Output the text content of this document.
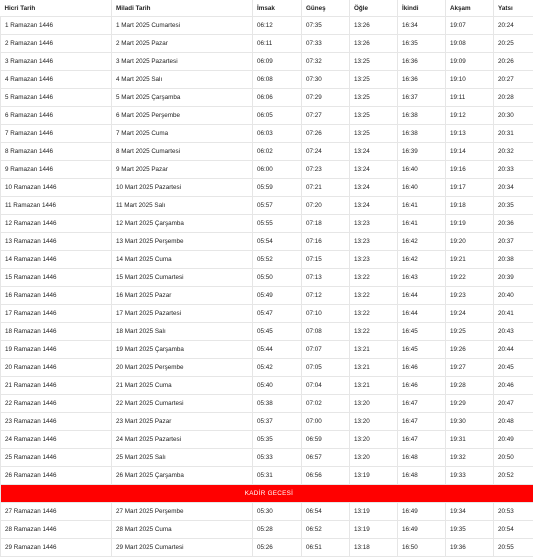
Hicri Tarih	Miladi Tarih	İmsak	Güneş	Öğle	İkindi	Akşam	Yatsı
1 Ramazan 1446	1 Mart 2025 Cumartesi	06:12	07:35	13:26	16:34	19:07	20:24
2 Ramazan 1446	2 Mart 2025 Pazar	06:11	07:33	13:26	16:35	19:08	20:25
3 Ramazan 1446	3 Mart 2025 Pazartesi	06:09	07:32	13:25	16:36	19:09	20:26
4 Ramazan 1446	4 Mart 2025 Salı	06:08	07:30	13:25	16:36	19:10	20:27
5 Ramazan 1446	5 Mart 2025 Çarşamba	06:06	07:29	13:25	16:37	19:11	20:28
6 Ramazan 1446	6 Mart 2025 Perşembe	06:05	07:27	13:25	16:38	19:12	20:30
7 Ramazan 1446	7 Mart 2025 Cuma	06:03	07:26	13:25	16:38	19:13	20:31
8 Ramazan 1446	8 Mart 2025 Cumartesi	06:02	07:24	13:24	16:39	19:14	20:32
9 Ramazan 1446	9 Mart 2025 Pazar	06:00	07:23	13:24	16:40	19:16	20:33
10 Ramazan 1446	10 Mart 2025 Pazartesi	05:59	07:21	13:24	16:40	19:17	20:34
11 Ramazan 1446	11 Mart 2025 Salı	05:57	07:20	13:24	16:41	19:18	20:35
12 Ramazan 1446	12 Mart 2025 Çarşamba	05:55	07:18	13:23	16:41	19:19	20:36
13 Ramazan 1446	13 Mart 2025 Perşembe	05:54	07:16	13:23	16:42	19:20	20:37
14 Ramazan 1446	14 Mart 2025 Cuma	05:52	07:15	13:23	16:42	19:21	20:38
15 Ramazan 1446	15 Mart 2025 Cumartesi	05:50	07:13	13:22	16:43	19:22	20:39
16 Ramazan 1446	16 Mart 2025 Pazar	05:49	07:12	13:22	16:44	19:23	20:40
17 Ramazan 1446	17 Mart 2025 Pazartesi	05:47	07:10	13:22	16:44	19:24	20:41
18 Ramazan 1446	18 Mart 2025 Salı	05:45	07:08	13:22	16:45	19:25	20:43
19 Ramazan 1446	19 Mart 2025 Çarşamba	05:44	07:07	13:21	16:45	19:26	20:44
20 Ramazan 1446	20 Mart 2025 Perşembe	05:42	07:05	13:21	16:46	19:27	20:45
21 Ramazan 1446	21 Mart 2025 Cuma	05:40	07:04	13:21	16:46	19:28	20:46
22 Ramazan 1446	22 Mart 2025 Cumartesi	05:38	07:02	13:20	16:47	19:29	20:47
23 Ramazan 1446	23 Mart 2025 Pazar	05:37	07:00	13:20	16:47	19:30	20:48
24 Ramazan 1446	24 Mart 2025 Pazartesi	05:35	06:59	13:20	16:47	19:31	20:49
25 Ramazan 1446	25 Mart 2025 Salı	05:33	06:57	13:20	16:48	19:32	20:50
26 Ramazan 1446	26 Mart 2025 Çarşamba	05:31	06:56	13:19	16:48	19:33	20:52
KADİR GECESİ							
27 Ramazan 1446	27 Mart 2025 Perşembe	05:30	06:54	13:19	16:49	19:34	20:53
28 Ramazan 1446	28 Mart 2025 Cuma	05:28	06:52	13:19	16:49	19:35	20:54
29 Ramazan 1446	29 Mart 2025 Cumartesi	05:26	06:51	13:18	16:50	19:36	20:55
